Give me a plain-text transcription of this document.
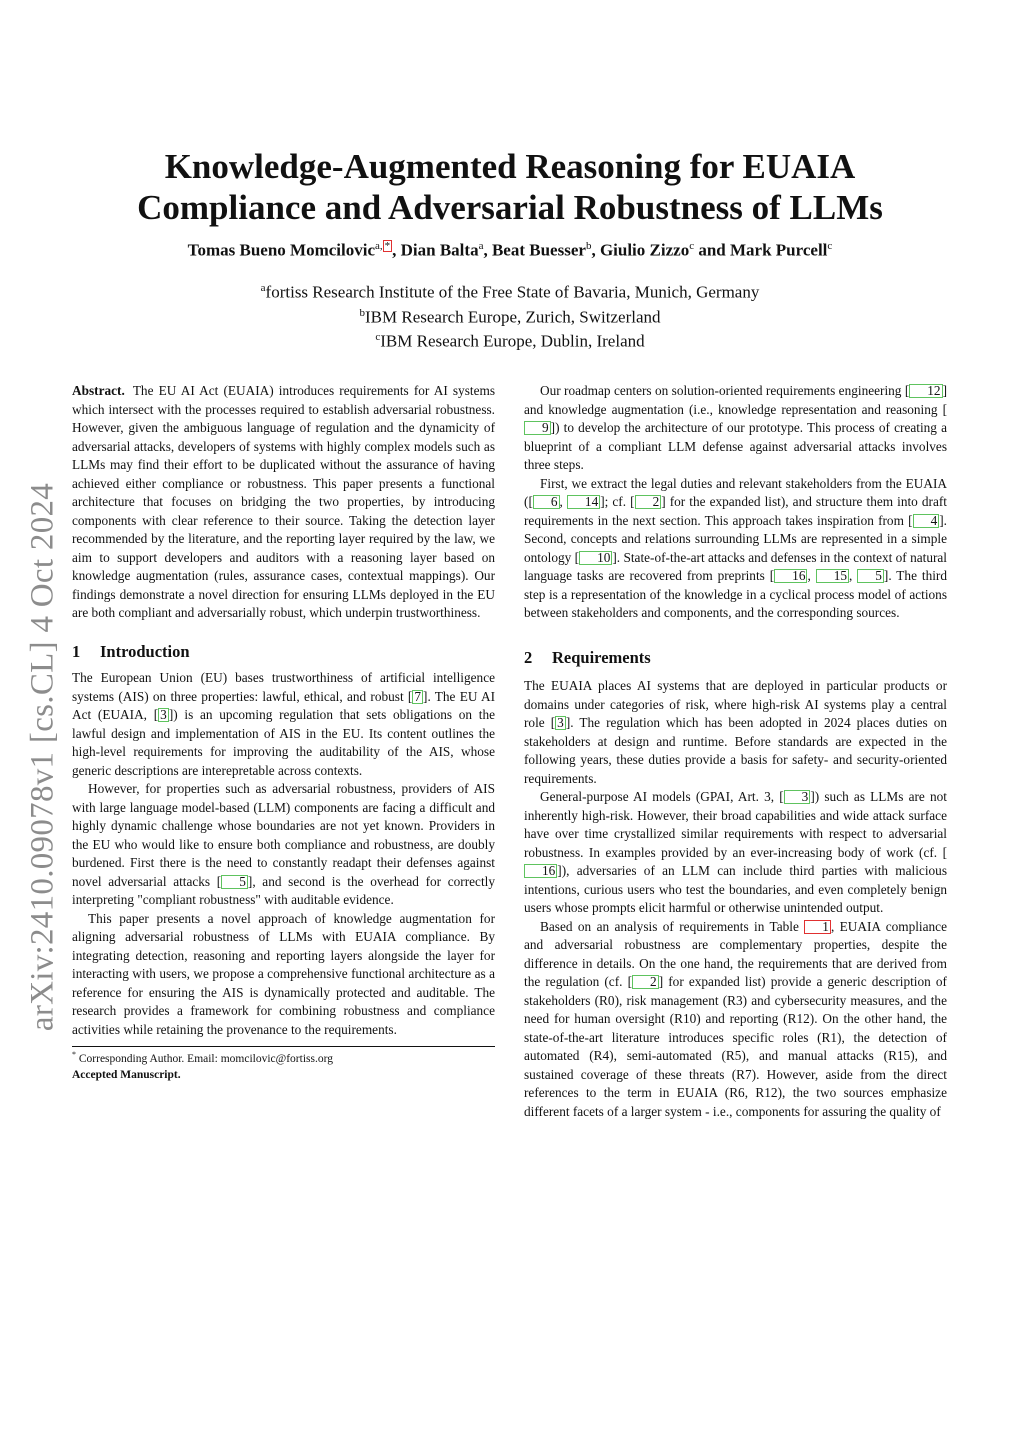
arXiv:2410.09078v1 [cs.CL] 4 Oct 2024
Knowledge-Augmented Reasoning for EUAIA
Compliance and Adversarial Robustness of LLMs
Tomas Bueno Momcilovic$^{a,}$ * , Dian Balta$^a$, Beat Buesser$^b$, Giulio Zizzo$^c$ and Mark Purcell$^c$
$^a$fortiss Research Institute of the Free State of Bavaria, Munich, Germany
$^b$IBM Research Europe, Zurich, Switzerland
$^c$IBM Research Europe, Dublin, Ireland

Abstract. The EU AI Act (EUAIA) introduces requirements for AI systems which intersect with the processes required to establish adversarial robustness. However, given the ambiguous language of regulation and the dynamicity of adversarial attacks, developers of systems with highly complex models such as LLMs may find their effort to be duplicated without the assurance of having achieved either compliance or robustness. This paper presents a functional architecture that focuses on bridging the two properties, by introducing components with clear reference to their source. Taking the detection layer recommended by the literature, and the reporting layer required by the law, we aim to support developers and auditors with a reasoning layer based on knowledge augmentation (rules, assurance cases, contextual mappings). Our findings demonstrate a novel direction for ensuring LLMs deployed in the EU are both compliant and adversarially robust, which underpin trustworthiness.

1 Introduction

The European Union (EU) bases trustworthiness of artificial intelligence systems (AIS) on three properties: lawful, ethical, and robust [ 7 ]. The EU AI Act (EUAIA, [ 3 ]) is an upcoming regulation that sets obligations on the lawful design and implementation of AIS in the EU. Its content outlines the high-level requirements for improving the auditability of the AIS, whose generic descriptions are interepretable across contexts.

However, for properties such as adversarial robustness, providers of AIS with large language model-based (LLM) components are facing a difficult and highly dynamic challenge whose boundaries are not yet known. Providers in the EU who would like to ensure both compliance and robustness, are doubly burdened. First there is the need to constantly readapt their defenses against novel adversarial attacks [ 5 ], and second is the overhead for correctly interpreting "compliant robustness" with auditable evidence.

This paper presents a novel approach of knowledge augmentation for aligning adversarial robustness of LLMs with EUAIA compliance. By integrating detection, reasoning and reporting layers alongside the layer for interacting with users, we propose a comprehensive functional architecture as a reference for ensuring the AIS is dynamically protected and auditable. The research provides a framework for combining robustness and compliance activities while retaining the provenance to the requirements.

* Corresponding Author. Email: momcilovic@fortiss.org
Accepted Manuscript.

Our roadmap centers on solution-oriented requirements engineering [ 12 ] and knowledge augmentation (i.e., knowledge representation and reasoning [9 ]) to develop the architecture of our prototype. This process of creating a blueprint of a compliant LLM defense against adversarial attacks involves three steps.

First, we extract the legal duties and relevant stakeholders from the EUAIA ([ 6 , 14 ]; cf. [ 2 ] for the expanded list), and structure them into draft requirements in the next section. This approach takes inspiration from [ 4 ]. Second, concepts and relations surrounding LLMs are represented in a simple ontology [ 10 ]. State-of-the-art attacks and defenses in the context of natural language tasks are recovered from preprints [ 16 , 15 , 5 ]. The third step is a representation of the knowledge in a cyclical process model of actions between stakeholders and components, and the corresponding sources.

2 Requirements

The EUAIA places AI systems that are deployed in particular products or domains under categories of risk, where high-risk AI systems play a central role [ 3 ]. The regulation which has been adopted in 2024 places duties on stakeholders at design and runtime. Before standards are expected in the following years, these duties provide a basis for safety- and security-oriented requirements.

General-purpose AI models (GPAI, Art. 3, [ 3 ]) such as LLMs are not inherently high-risk. However, their broad capabilities and wide attack surface have over time crystallized similar requirements with respect to adversarial robustness. In examples provided by an ever-increasing body of work (cf. [16 ]), adversaries of an LLM can include third parties with malicious intentions, curious users who test the boundaries, and even completely benign users whose prompts elicit harmful or otherwise unintended output.

Based on an analysis of requirements in Table 1 , EUAIA compliance and adversarial robustness are complementary properties, despite the difference in details. On the one hand, the requirements that are derived from the regulation (cf. [ 2 ] for expanded list) provide a generic description of stakeholders (R0), risk management (R3) and cybersecurity measures, and the need for human oversight (R10) and reporting (R12). On the other hand, the state-of-the-art literature introduces specific roles (R1), the detection of automated (R4), semi-automated (R5), and manual attacks (R15), and sustained coverage of these threats (R7). However, aside from the direct references to the term in EUAIA (R6, R12), the two sources emphasize different facets of a larger system - i.e., components for assuring the quality of
